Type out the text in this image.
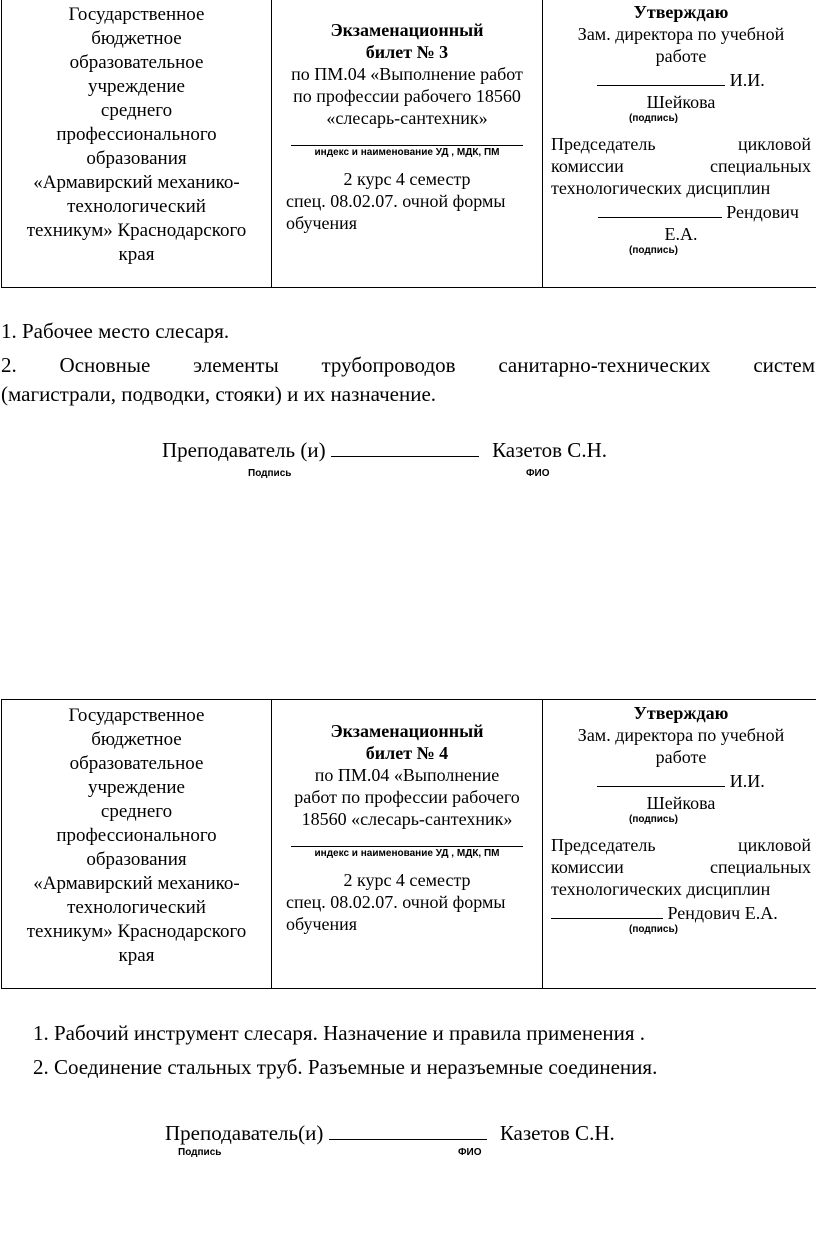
Государственное
бюджетное
образовательное
учреждение
среднего
профессионального
образования
«Армавирский механико-
технологический
техникум» Краснодарского
края

Экзаменационный
билет № 3
по ПМ.04 «Выполнение работ
по профессии рабочего 18560
«слесарь-сантехник»
индекс и наименование УД , МДК, ПМ
2 курс 4 семестр
спец. 08.02.07. очной формы
обучения

Утверждаю
Зам. директора по учебной
работе
И.И.
Шейкова
(подпись)
Председатель цикловой
комиссии специальных
технологических дисциплин
Рендович
Е.А.
(подпись)
1. Рабочее место слесаря.
2. Основные элементы трубопроводов санитарно-технических систем
(магистрали, подводки, стояки) и их назначение.
Преподаватель (и)	Казетов С.Н.
Подпись	ФИО
Государственное
бюджетное
образовательное
учреждение
среднего
профессионального
образования
«Армавирский механико-
технологический
техникум» Краснодарского
края

Экзаменационный
билет № 4
по ПМ.04 «Выполнение
работ по профессии рабочего
18560 «слесарь-сантехник»
индекс и наименование УД , МДК, ПМ
2 курс 4 семестр
спец. 08.02.07. очной формы
обучения

Утверждаю
Зам. директора по учебной
работе
И.И.
Шейкова
(подпись)
Председатель цикловой
комиссии специальных
технологических дисциплин
Рендович Е.А.
(подпись)
1. Рабочий инструмент слесаря. Назначение и правила применения .
2. Соединение стальных труб. Разъемные и неразъемные соединения.
Преподаватель(и)	Казетов С.Н.
Подпись	ФИО
